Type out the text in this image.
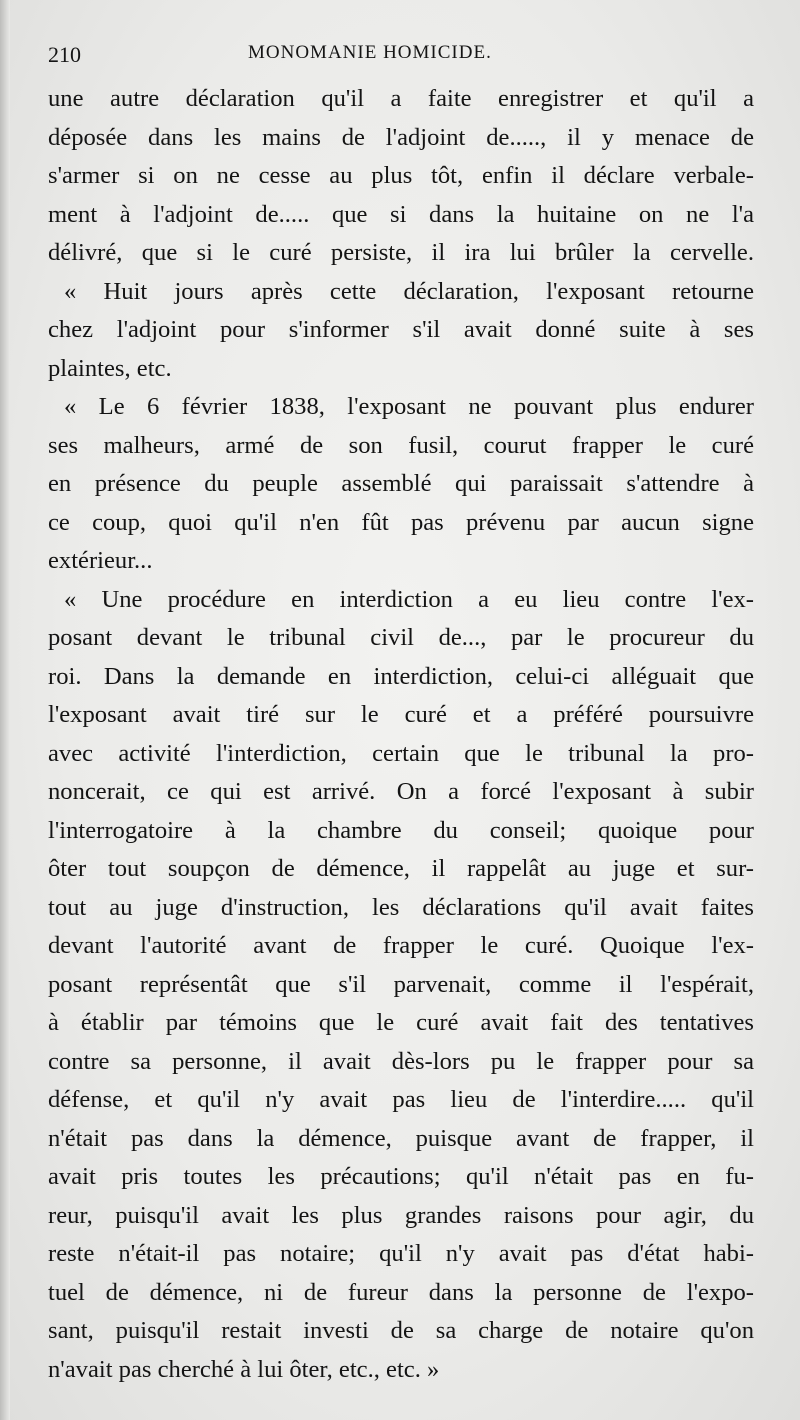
210	MONOMANIE HOMICIDE.
une autre déclaration qu'il a faite enregistrer et qu'il a
déposée dans les mains de l'adjoint de....., il y menace de
s'armer si on ne cesse au plus tôt, enfin il déclare verbale-
ment à l'adjoint de..... que si dans la huitaine on ne l'a
délivré, que si le curé persiste, il ira lui brûler la cervelle.
« Huit jours après cette déclaration, l'exposant retourne
chez l'adjoint pour s'informer s'il avait donné suite à ses
plaintes, etc.
« Le 6 février 1838, l'exposant ne pouvant plus endurer
ses malheurs, armé de son fusil, courut frapper le curé
en présence du peuple assemblé qui paraissait s'attendre à
ce coup, quoi qu'il n'en fût pas prévenu par aucun signe
extérieur...
« Une procédure en interdiction a eu lieu contre l'ex-
posant devant le tribunal civil de..., par le procureur du
roi. Dans la demande en interdiction, celui-ci alléguait que
l'exposant avait tiré sur le curé et a préféré poursuivre
avec activité l'interdiction, certain que le tribunal la pro-
noncerait, ce qui est arrivé. On a forcé l'exposant à subir
l'interrogatoire à la chambre du conseil; quoique pour
ôter tout soupçon de démence, il rappelât au juge et sur-
tout au juge d'instruction, les déclarations qu'il avait faites
devant l'autorité avant de frapper le curé. Quoique l'ex-
posant représentât que s'il parvenait, comme il l'espérait,
à établir par témoins que le curé avait fait des tentatives
contre sa personne, il avait dès-lors pu le frapper pour sa
défense, et qu'il n'y avait pas lieu de l'interdire..... qu'il
n'était pas dans la démence, puisque avant de frapper, il
avait pris toutes les précautions; qu'il n'était pas en fu-
reur, puisqu'il avait les plus grandes raisons pour agir, du
reste n'était-il pas notaire; qu'il n'y avait pas d'état habi-
tuel de démence, ni de fureur dans la personne de l'expo-
sant, puisqu'il restait investi de sa charge de notaire qu'on
n'avait pas cherché à lui ôter, etc., etc. »
